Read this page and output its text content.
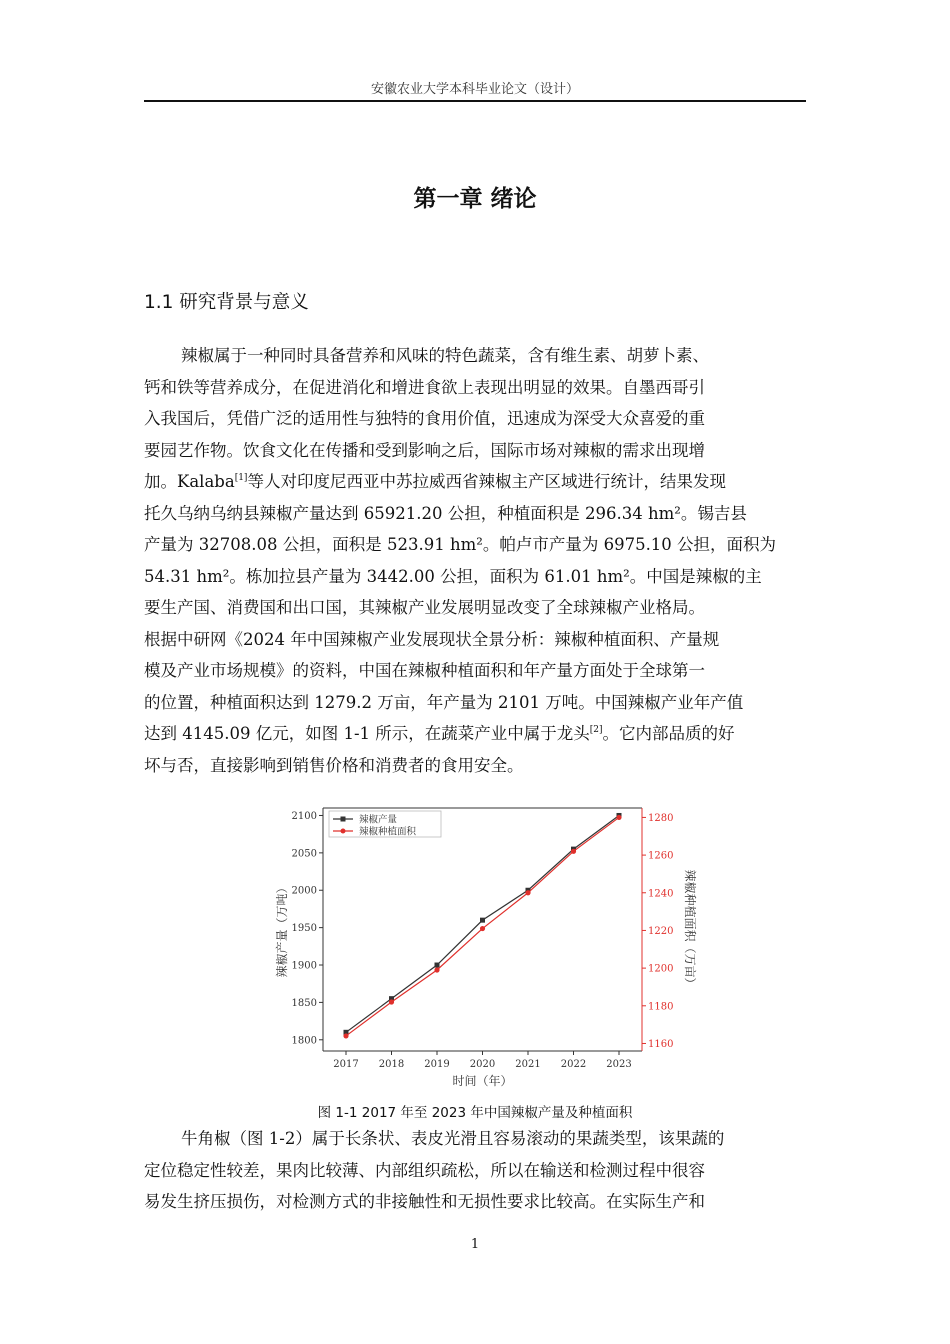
安徽农业大学本科毕业论文（设计）
第一章 绪论
1.1 研究背景与意义
辣椒属于一种同时具备营养和风味的特色蔬菜，含有维生素、胡萝卜素、
钙和铁等营养成分，在促进消化和增进食欲上表现出明显的效果。自墨西哥引
入我国后，凭借广泛的适用性与独特的食用价值，迅速成为深受大众喜爱的重
要园艺作物。饮食文化在传播和受到影响之后，国际市场对辣椒的需求出现增
加。Kalaba[1]等人对印度尼西亚中苏拉威西省辣椒主产区域进行统计，结果发现
托久乌纳乌纳县辣椒产量达到 65921.20 公担，种植面积是 296.34 hm²。锡吉县
产量为 32708.08 公担，面积是 523.91 hm²。帕卢市产量为 6975.10 公担，面积为
54.31 hm²。栋加拉县产量为 3442.00 公担，面积为 61.01 hm²。中国是辣椒的主
要生产国、消费国和出口国，其辣椒产业发展明显改变了全球辣椒产业格局。
根据中研网《2024 年中国辣椒产业发展现状全景分析：辣椒种植面积、产量规
模及产业市场规模》的资料，中国在辣椒种植面积和年产量方面处于全球第一
的位置，种植面积达到 1279.2 万亩，年产量为 2101 万吨。中国辣椒产业年产值
达到 4145.09 亿元，如图 1-1 所示，在蔬菜产业中属于龙头[2]。它内部品质的好
坏与否，直接影响到销售价格和消费者的食用安全。
2017 2018 2019 2020 2021 2022 2023
时间（年）
1800
1850
1900
1950
2000
2050
2100
1160
1180
1200
1220
1240
1260
1280
辣椒产量（万吨）	辣椒种植面积（万亩）
辣椒产量
辣椒种植面积
图 1-1 2017 年至 2023 年中国辣椒产量及种植面积
牛角椒（图 1-2）属于长条状、表皮光滑且容易滚动的果蔬类型，该果蔬的
定位稳定性较差，果肉比较薄、内部组织疏松，所以在输送和检测过程中很容
易发生挤压损伤，对检测方式的非接触性和无损性要求比较高。在实际生产和
1
